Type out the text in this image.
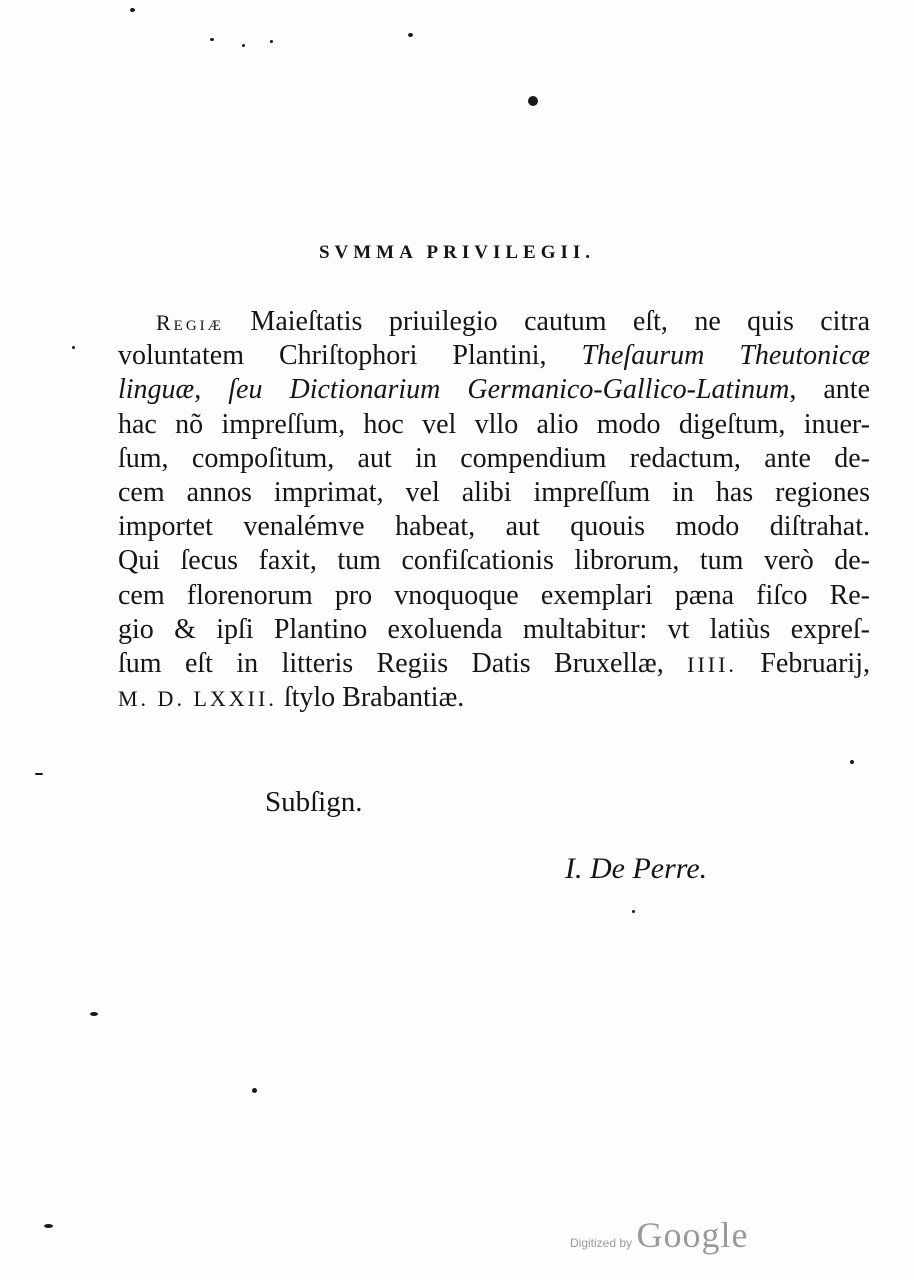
SVMMA PRIVILEGII.
Regiæ Maieſtatis priuilegio cautum eſt, ne quis citra
voluntatem Chriſtophori Plantini, Theſaurum Theutonicæ
linguæ, ſeu Dictionarium Germanico-Gallico-Latinum, ante
hac nõ impreſſum, hoc vel vllo alio modo digeſtum, inuer-
ſum, compoſitum, aut in compendium redactum, ante de-
cem annos imprimat, vel alibi impreſſum in has regiones
importet venalémve habeat, aut quouis modo diſtrahat.
Qui ſecus faxit, tum confiſcationis librorum, tum verò de-
cem florenorum pro vnoquoque exemplari pæna fiſco Re-
gio & ipſi Plantino exoluenda multabitur: vt latiùs expreſ-
ſum eſt in litteris Regiis Datis Bruxellæ, IIII. Februarij,
M. D. LXXII. ſtylo Brabantiæ.
Subſign.
I. De Perre.
Digitized by Google
